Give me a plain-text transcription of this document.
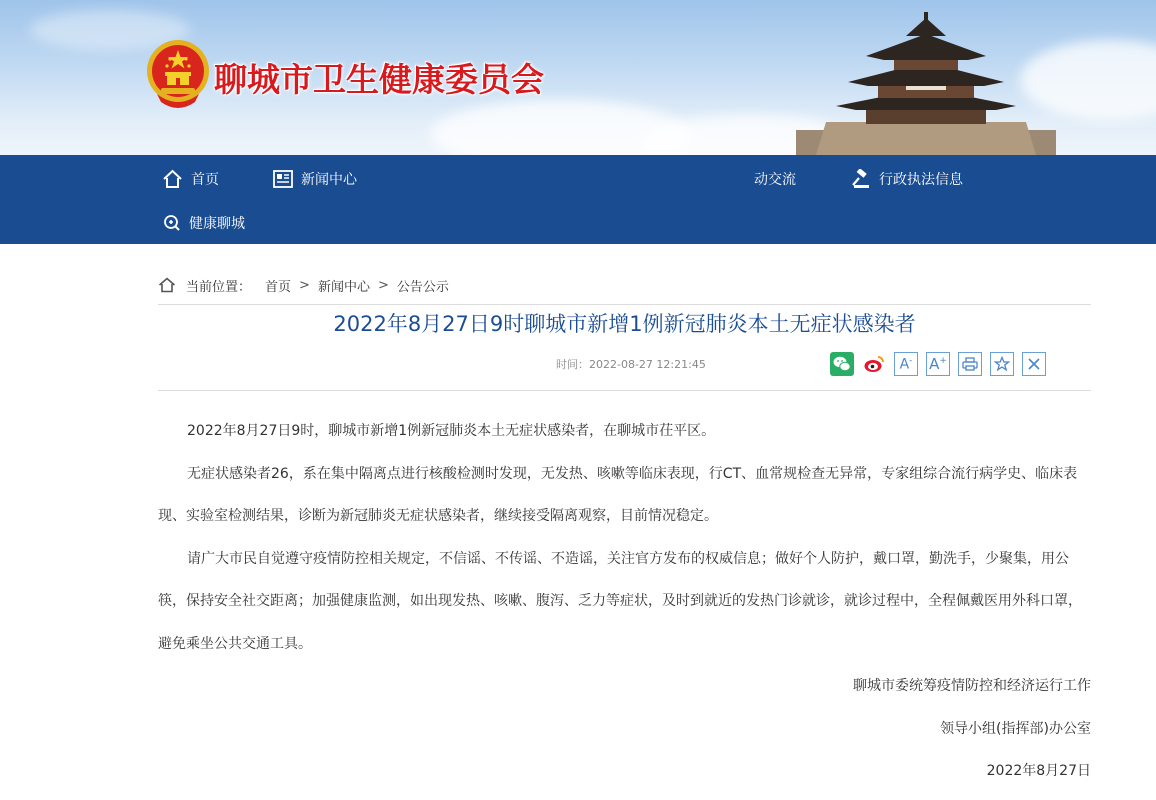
聊城市卫生健康委员会
首页	新闻中心	动交流	行政执法信息
健康聊城
当前位置： 首页 > 新闻中心 > 公告公示
2022年8月27日9时聊城市新增1例新冠肺炎本土无症状感染者
时间：2022-08-27 12:21:45	A- A+

2022年8月27日9时，聊城市新增1例新冠肺炎本土无症状感染者，在聊城市茌平区。

无症状感染者26，系在集中隔离点进行核酸检测时发现，无发热、咳嗽等临床表现，行CT、血常规检查无异常，专家组综合流行病学史、临床表现、实验室检测结果，诊断为新冠肺炎无症状感染者，继续接受隔离观察，目前情况稳定。

请广大市民自觉遵守疫情防控相关规定，不信谣、不传谣、不造谣，关注官方发布的权威信息；做好个人防护，戴口罩，勤洗手，少聚集，用公筷，保持安全社交距离；加强健康监测，如出现发热、咳嗽、腹泻、乏力等症状，及时到就近的发热门诊就诊，就诊过程中，全程佩戴医用外科口罩，避免乘坐公共交通工具。

聊城市委统筹疫情防控和经济运行工作

领导小组(指挥部)办公室

2022年8月27日
